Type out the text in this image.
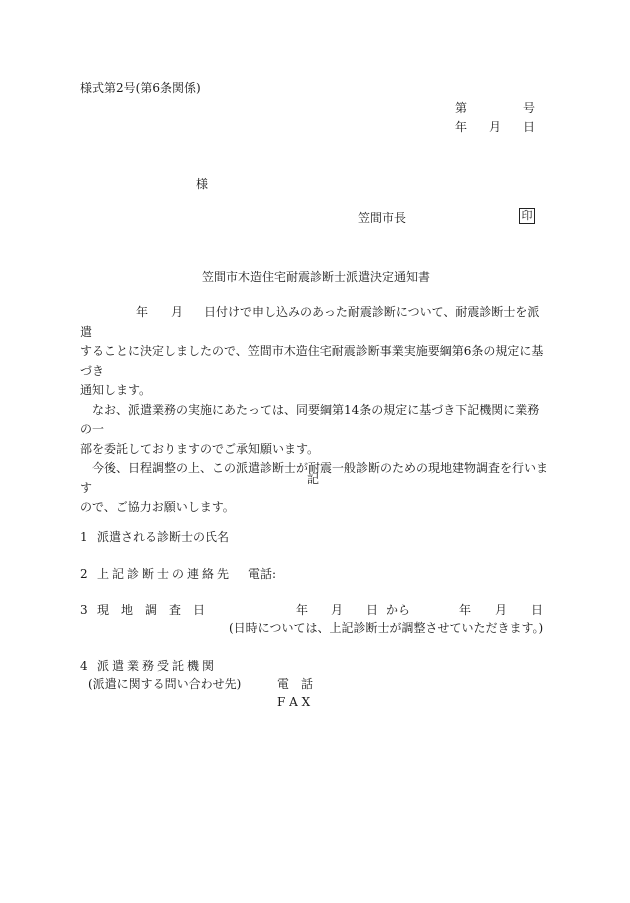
様式第2号(第6条関係)
第	号
年 月 日
様
笠間市長	印
笠間市木造住宅耐震診断士派遣決定通知書

年 月 日付けで申し込みのあった耐震診断について、耐震診断士を派遣

することに決定しましたので、笠間市木造住宅耐震診断事業実施要綱第6条の規定に基づき

通知します。

なお、派遣業務の実施にあたっては、同要綱第14条の規定に基づき下記機関に業務の一

部を委託しておりますのでご承知願います。

今後、日程調整の上、この派遣診断士が耐震一般診断のための現地建物調査を行います

ので、ご協力お願いします。

記
1 派遣される診断士の氏名
2 上記診断士の連絡先 電話:
3 現　地　調　査　日	年 月 日 から	年 月 日
(日時については、上記診断士が調整させていただきます。)
4 派遣業務受託機関
(派遣に関する問い合わせ先)	電　話
F A X
